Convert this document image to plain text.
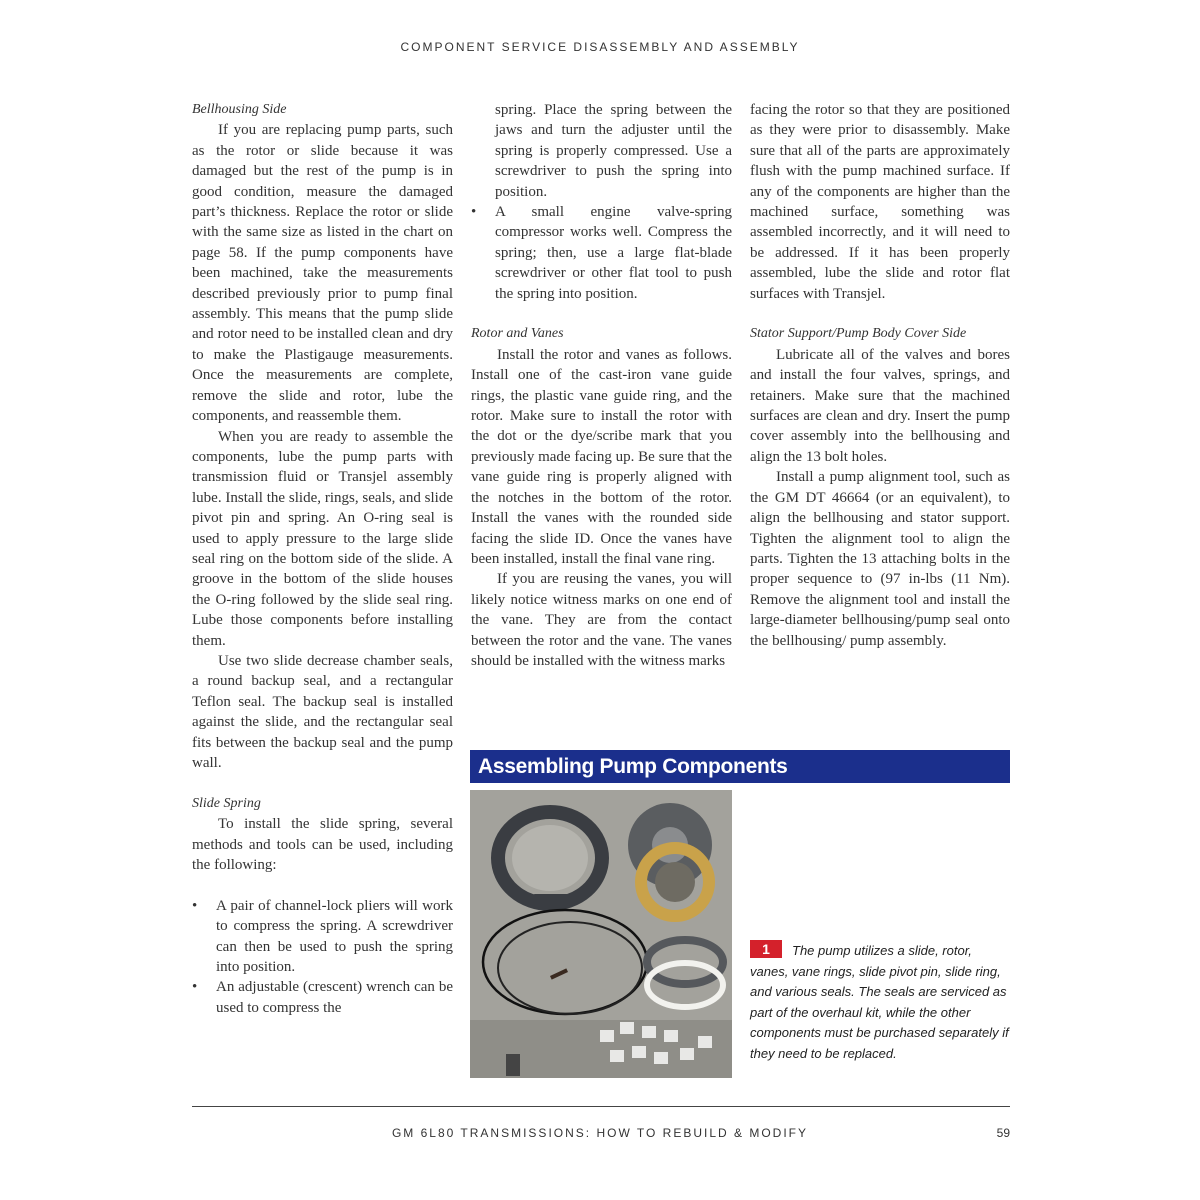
COMPONENT SERVICE DISASSEMBLY AND ASSEMBLY
Bellhousing Side

If you are replacing pump parts, such as the rotor or slide because it was damaged but the rest of the pump is in good condition, measure the damaged part’s thickness. Replace the rotor or slide with the same size as listed in the chart on page 58. If the pump components have been machined, take the measurements described previously prior to pump final assembly. This means that the pump slide and rotor need to be installed clean and dry to make the Plastigauge measurements. Once the measurements are complete, remove the slide and rotor, lube the components, and reassemble them.

When you are ready to assemble the components, lube the pump parts with transmission fluid or Transjel assembly lube. Install the slide, rings, seals, and slide pivot pin and spring. An O-ring seal is used to apply pressure to the large slide seal ring on the bottom side of the slide. A groove in the bottom of the slide houses the O-ring followed by the slide seal ring. Lube those components before installing them.

Use two slide decrease chamber seals, a round backup seal, and a rectangular Teflon seal. The backup seal is installed against the slide, and the rectangular seal fits between the backup seal and the pump wall.

Slide Spring

To install the slide spring, several methods and tools can be used, including the following:

• A pair of channel-lock pliers will work to compress the spring. A screwdriver can then be used to push the spring into position.
• An adjustable (crescent) wrench can be used to compress the
spring. Place the spring between the jaws and turn the adjuster until the spring is properly compressed. Use a screwdriver to push the spring into position.
• A small engine valve-spring compressor works well. Compress the spring; then, use a large flat-blade screwdriver or other flat tool to push the spring into position.
Rotor and Vanes

Install the rotor and vanes as follows. Install one of the cast-iron vane guide rings, the plastic vane guide ring, and the rotor. Make sure to install the rotor with the dot or the dye/scribe mark that you previously made facing up. Be sure that the vane guide ring is properly aligned with the notches in the bottom of the rotor. Install the vanes with the rounded side facing the slide ID. Once the vanes have been installed, install the final vane ring.

If you are reusing the vanes, you will likely notice witness marks on one end of the vane. They are from the contact between the rotor and the vane. The vanes should be installed with the witness marks

facing the rotor so that they are positioned as they were prior to disassembly. Make sure that all of the parts are approximately flush with the pump machined surface. If any of the components are higher than the machined surface, something was assembled incorrectly, and it will need to be addressed. If it has been properly assembled, lube the slide and rotor flat surfaces with Transjel.

Stator Support/Pump Body Cover Side

Lubricate all of the valves and bores and install the four valves, springs, and retainers. Make sure that the machined surfaces are clean and dry. Insert the pump cover assembly into the bellhousing and align the 13 bolt holes.

Install a pump alignment tool, such as the GM DT 46664 (or an equivalent), to align the bellhousing and stator support. Tighten the alignment tool to align the parts. Tighten the 13 attaching bolts in the proper sequence to (97 in-lbs (11 Nm). Remove the alignment tool and install the large-diameter bellhousing/pump seal onto the bellhousing/ pump assembly.

Assembling Pump Components
1 The pump utilizes a slide, rotor, vanes, vane rings, slide pivot pin, slide ring, and various seals. The seals are serviced as part of the overhaul kit, while the other components must be purchased separately if they need to be replaced.
GM 6L80 TRANSMISSIONS: HOW TO REBUILD & MODIFY	59
